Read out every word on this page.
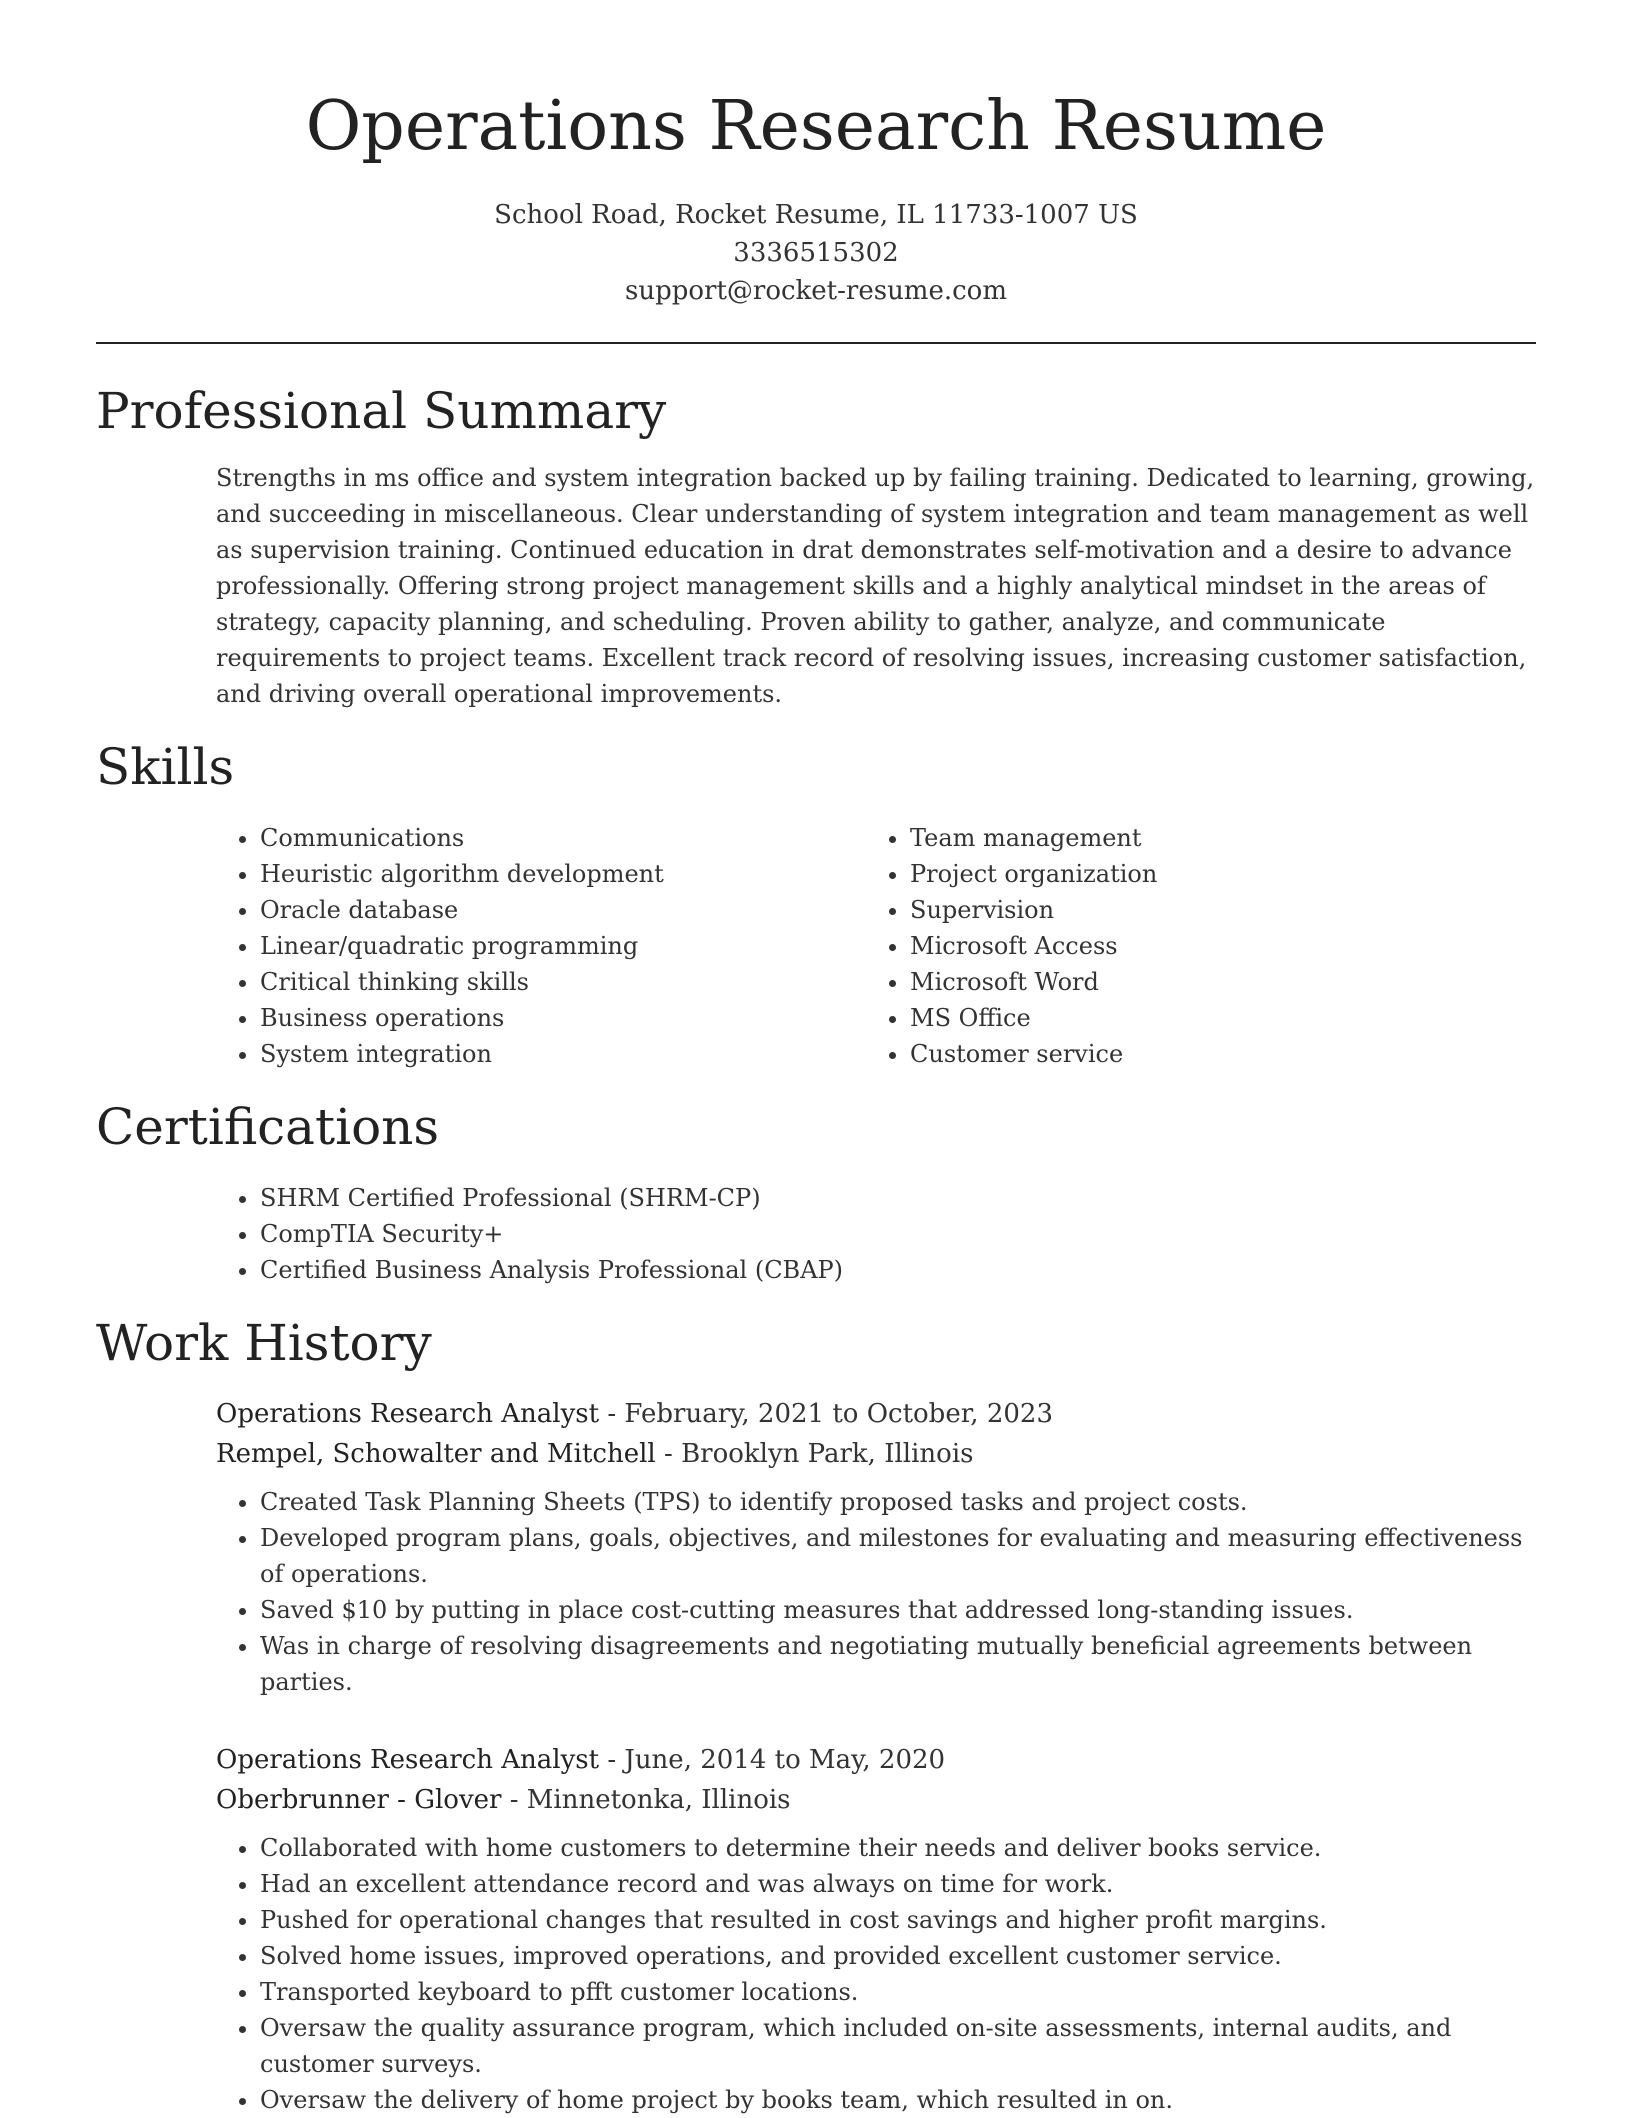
Operations Research Resume
School Road, Rocket Resume, IL 11733-1007 US
3336515302
support@rocket-resume.com
Professional Summary

Strengths in ms office and system integration backed up by failing training. Dedicated to learning, growing, and succeeding in miscellaneous. Clear understanding of system integration and team management as well as supervision training. Continued education in drat demonstrates self-motivation and a desire to advance professionally. Offering strong project management skills and a highly analytical mindset in the areas of strategy, capacity planning, and scheduling. Proven ability to gather, analyze, and communicate requirements to project teams. Excellent track record of resolving issues, increasing customer satisfaction, and driving overall operational improvements.

Skills
• Communications
• Heuristic algorithm development
• Oracle database
• Linear/quadratic programming
• Critical thinking skills
• Business operations
• System integration
• Team management
• Project organization
• Supervision
• Microsoft Access
• Microsoft Word
• MS Office
• Customer service
Certifications
• SHRM Certified Professional (SHRM-CP)
• CompTIA Security+
• Certified Business Analysis Professional (CBAP)
Work History
Operations Research Analyst - February, 2021 to October, 2023
Rempel, Schowalter and Mitchell - Brooklyn Park, Illinois
• Created Task Planning Sheets (TPS) to identify proposed tasks and project costs.
• Developed program plans, goals, objectives, and milestones for evaluating and measuring effectiveness of operations.
• Saved $10 by putting in place cost-cutting measures that addressed long-standing issues.
• Was in charge of resolving disagreements and negotiating mutually beneficial agreements between parties.
Operations Research Analyst - June, 2014 to May, 2020
Oberbrunner - Glover - Minnetonka, Illinois
• Collaborated with home customers to determine their needs and deliver books service.
• Had an excellent attendance record and was always on time for work.
• Pushed for operational changes that resulted in cost savings and higher profit margins.
• Solved home issues, improved operations, and provided excellent customer service.
• Transported keyboard to pfft customer locations.
• Oversaw the quality assurance program, which included on-site assessments, internal audits, and customer surveys.
• Oversaw the delivery of home project by books team, which resulted in on.
